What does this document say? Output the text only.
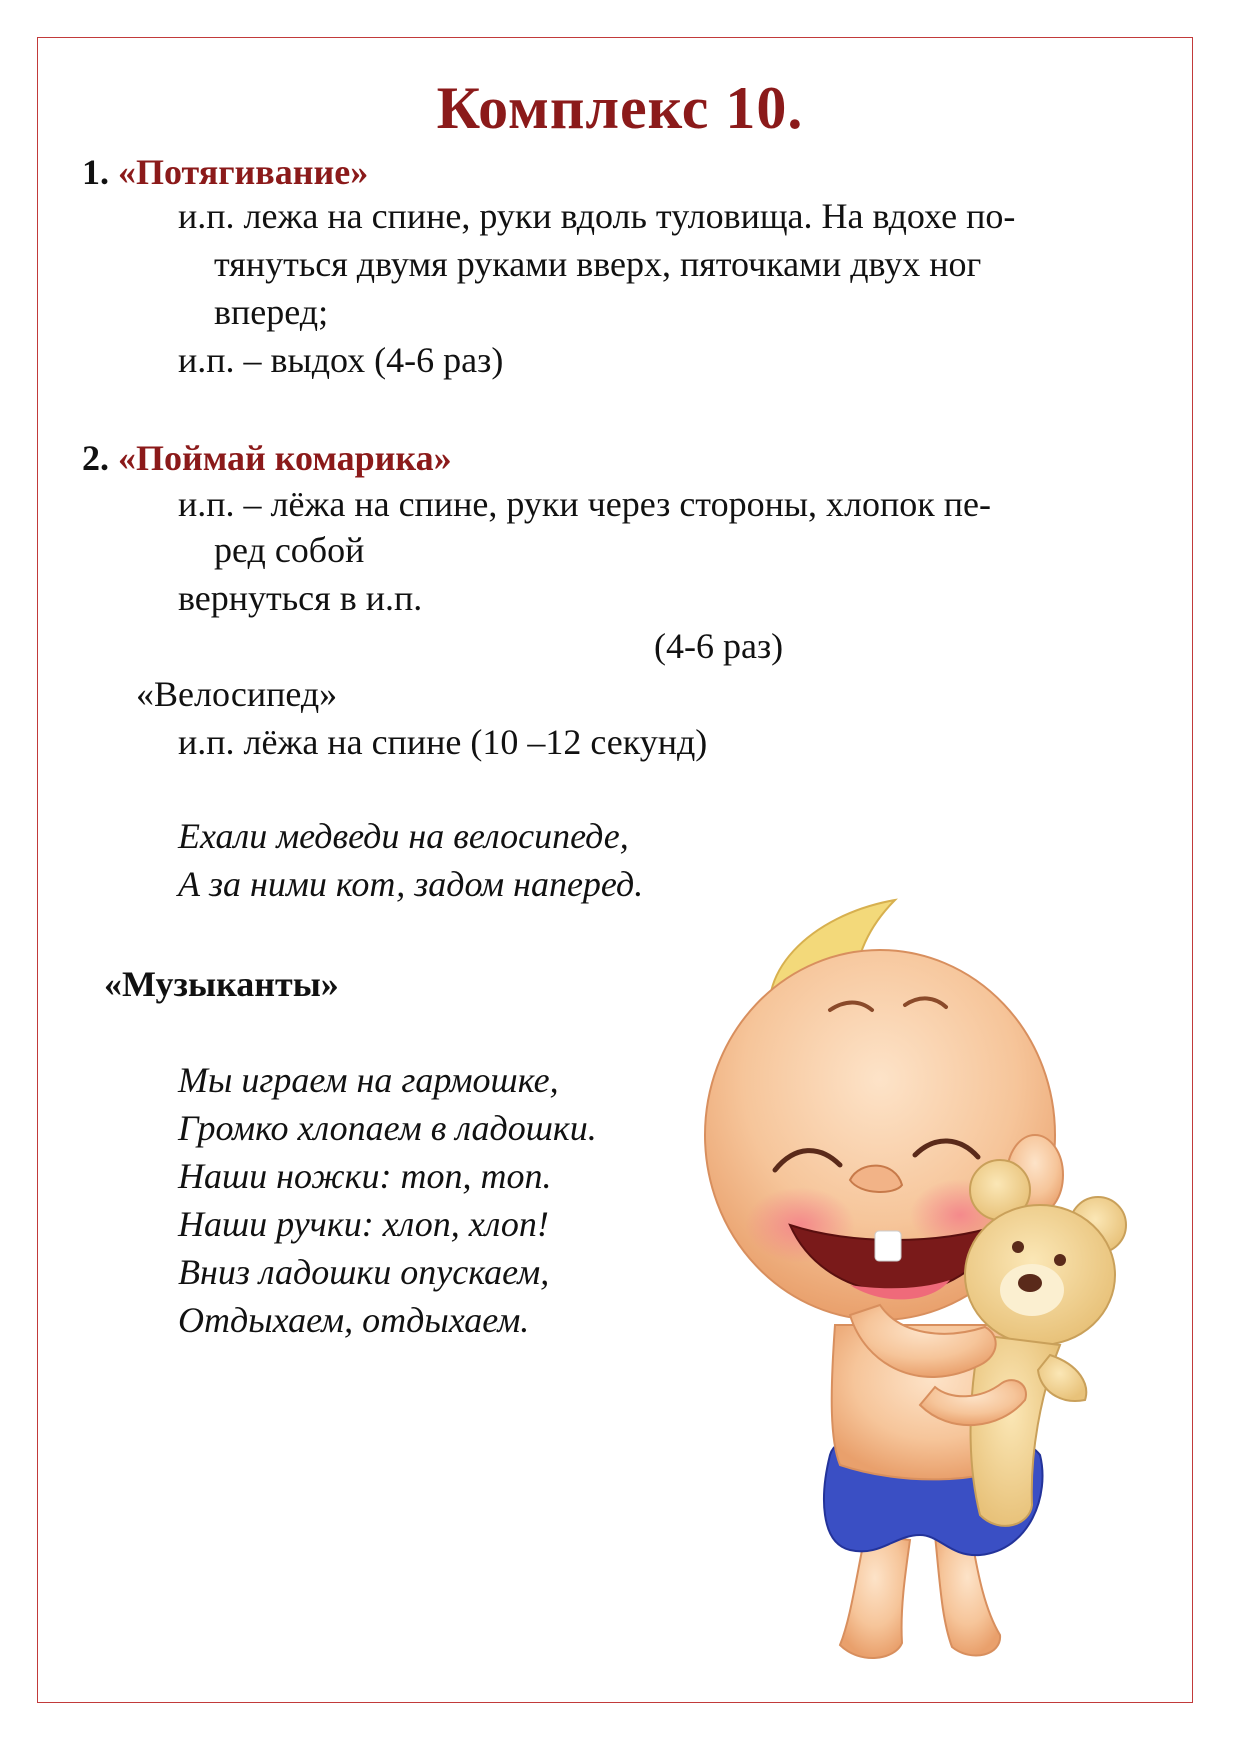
Комплекс 10.
1. «Потягивание»
и.п. лежа на спине, руки вдоль туловища. На вдохе по-
тянуться двумя руками вверх, пяточками двух ног
вперед;
и.п. – выдох (4-6 раз)
2. «Поймай комарика»
и.п. – лёжа на спине, руки через стороны, хлопок пе-
ред собой
вернуться в и.п.
(4-6 раз)
«Велосипед»
и.п. лёжа на спине (10 –12 секунд)
Ехали медведи на велосипеде,
А за ними кот, задом наперед.
«Музыканты»
Мы играем на гармошке,
Громко хлопаем в ладошки.
Наши ножки: топ, топ.
Наши ручки: хлоп, хлоп!
Вниз ладошки опускаем,
Отдыхаем, отдыхаем.
